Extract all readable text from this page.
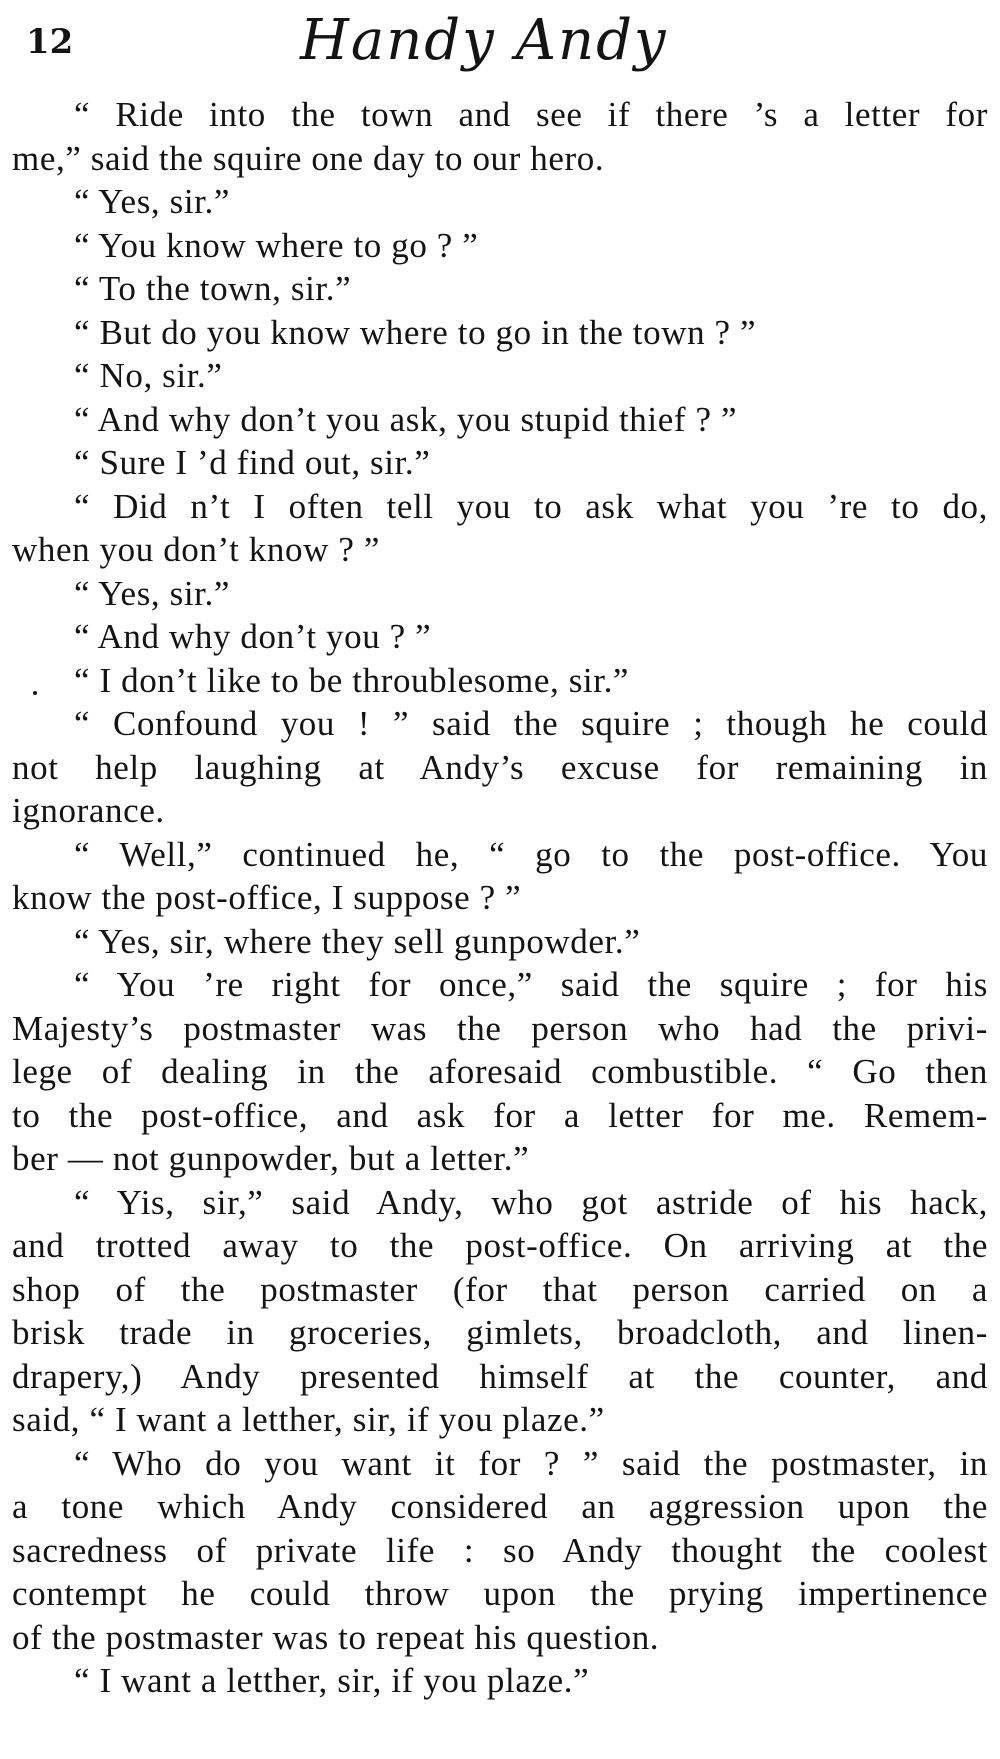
12	Handy Andy
“ Ride into the town and see if there ’s a letter for
me,” said the squire one day to our hero.
“ Yes, sir.”
“ You know where to go ? ”
“ To the town, sir.”
“ But do you know where to go in the town ? ”
“ No, sir.”
“ And why don’t you ask, you stupid thief ? ”
“ Sure I ’d find out, sir.”
“ Did n’t I often tell you to ask what you ’re to do,
when you don’t know ? ”
“ Yes, sir.”
“ And why don’t you ? ”
“ I don’t like to be throublesome, sir.”
“ Confound you ! ” said the squire ; though he could
not help laughing at Andy’s excuse for remaining in
ignorance.
“ Well,” continued he, “ go to the post-office. You
know the post-office, I suppose ? ”
“ Yes, sir, where they sell gunpowder.”
“ You ’re right for once,” said the squire ; for his
Majesty’s postmaster was the person who had the privi-
lege of dealing in the aforesaid combustible. “ Go then
to the post-office, and ask for a letter for me. Remem-
ber — not gunpowder, but a letter.”
“ Yis, sir,” said Andy, who got astride of his hack,
and trotted away to the post-office. On arriving at the
shop of the postmaster (for that person carried on a
brisk trade in groceries, gimlets, broadcloth, and linen-
drapery,) Andy presented himself at the counter, and
said, “ I want a letther, sir, if you plaze.”
“ Who do you want it for ? ” said the postmaster, in
a tone which Andy considered an aggression upon the
sacredness of private life : so Andy thought the coolest
contempt he could throw upon the prying impertinence
of the postmaster was to repeat his question.
“ I want a letther, sir, if you plaze.”
